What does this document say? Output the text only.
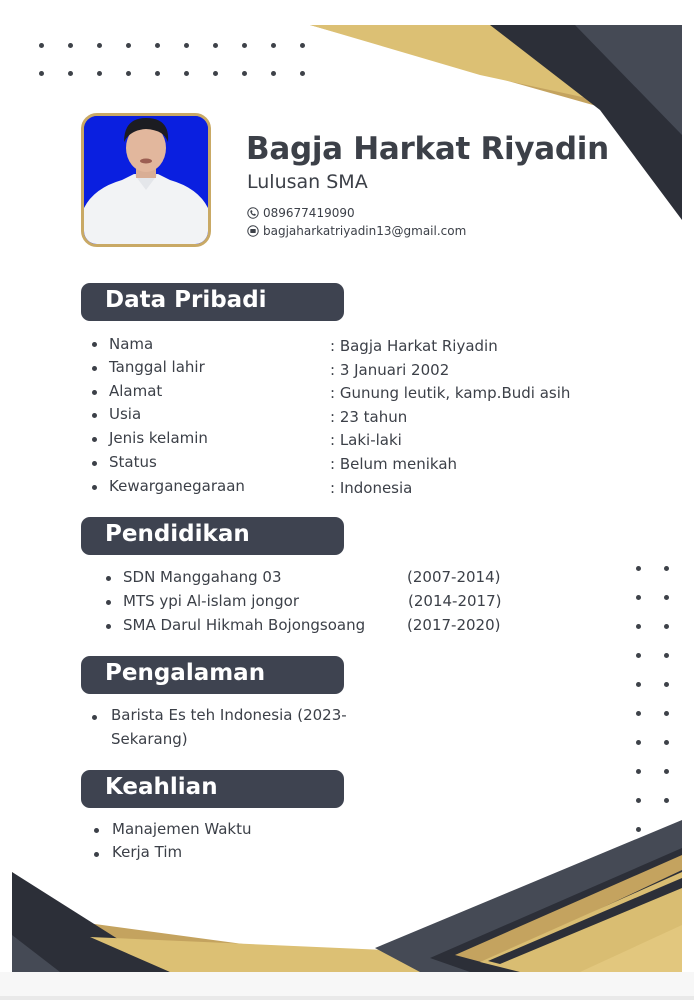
Bagja Harkat Riyadin
Lulusan SMA
089677419090
bagjaharkatriyadin13@gmail.com
Data Pribadi
Nama	: Bagja Harkat Riyadin
Tanggal lahir	: 3 Januari 2002
Alamat	: Gunung leutik, kamp.Budi asih
Usia	: 23 tahun
Jenis kelamin	: Laki-laki
Status	: Belum menikah
Kewarganegaraan	: Indonesia
Pendidikan
SDN Manggahang 03	(2007-2014)
MTS ypi Al-islam jongor	(2014-2017)
SMA Darul Hikmah Bojongsoang	(2017-2020)
Pengalaman
Barista Es teh Indonesia (2023-
Sekarang)
Keahlian
Manajemen Waktu
Kerja Tim
